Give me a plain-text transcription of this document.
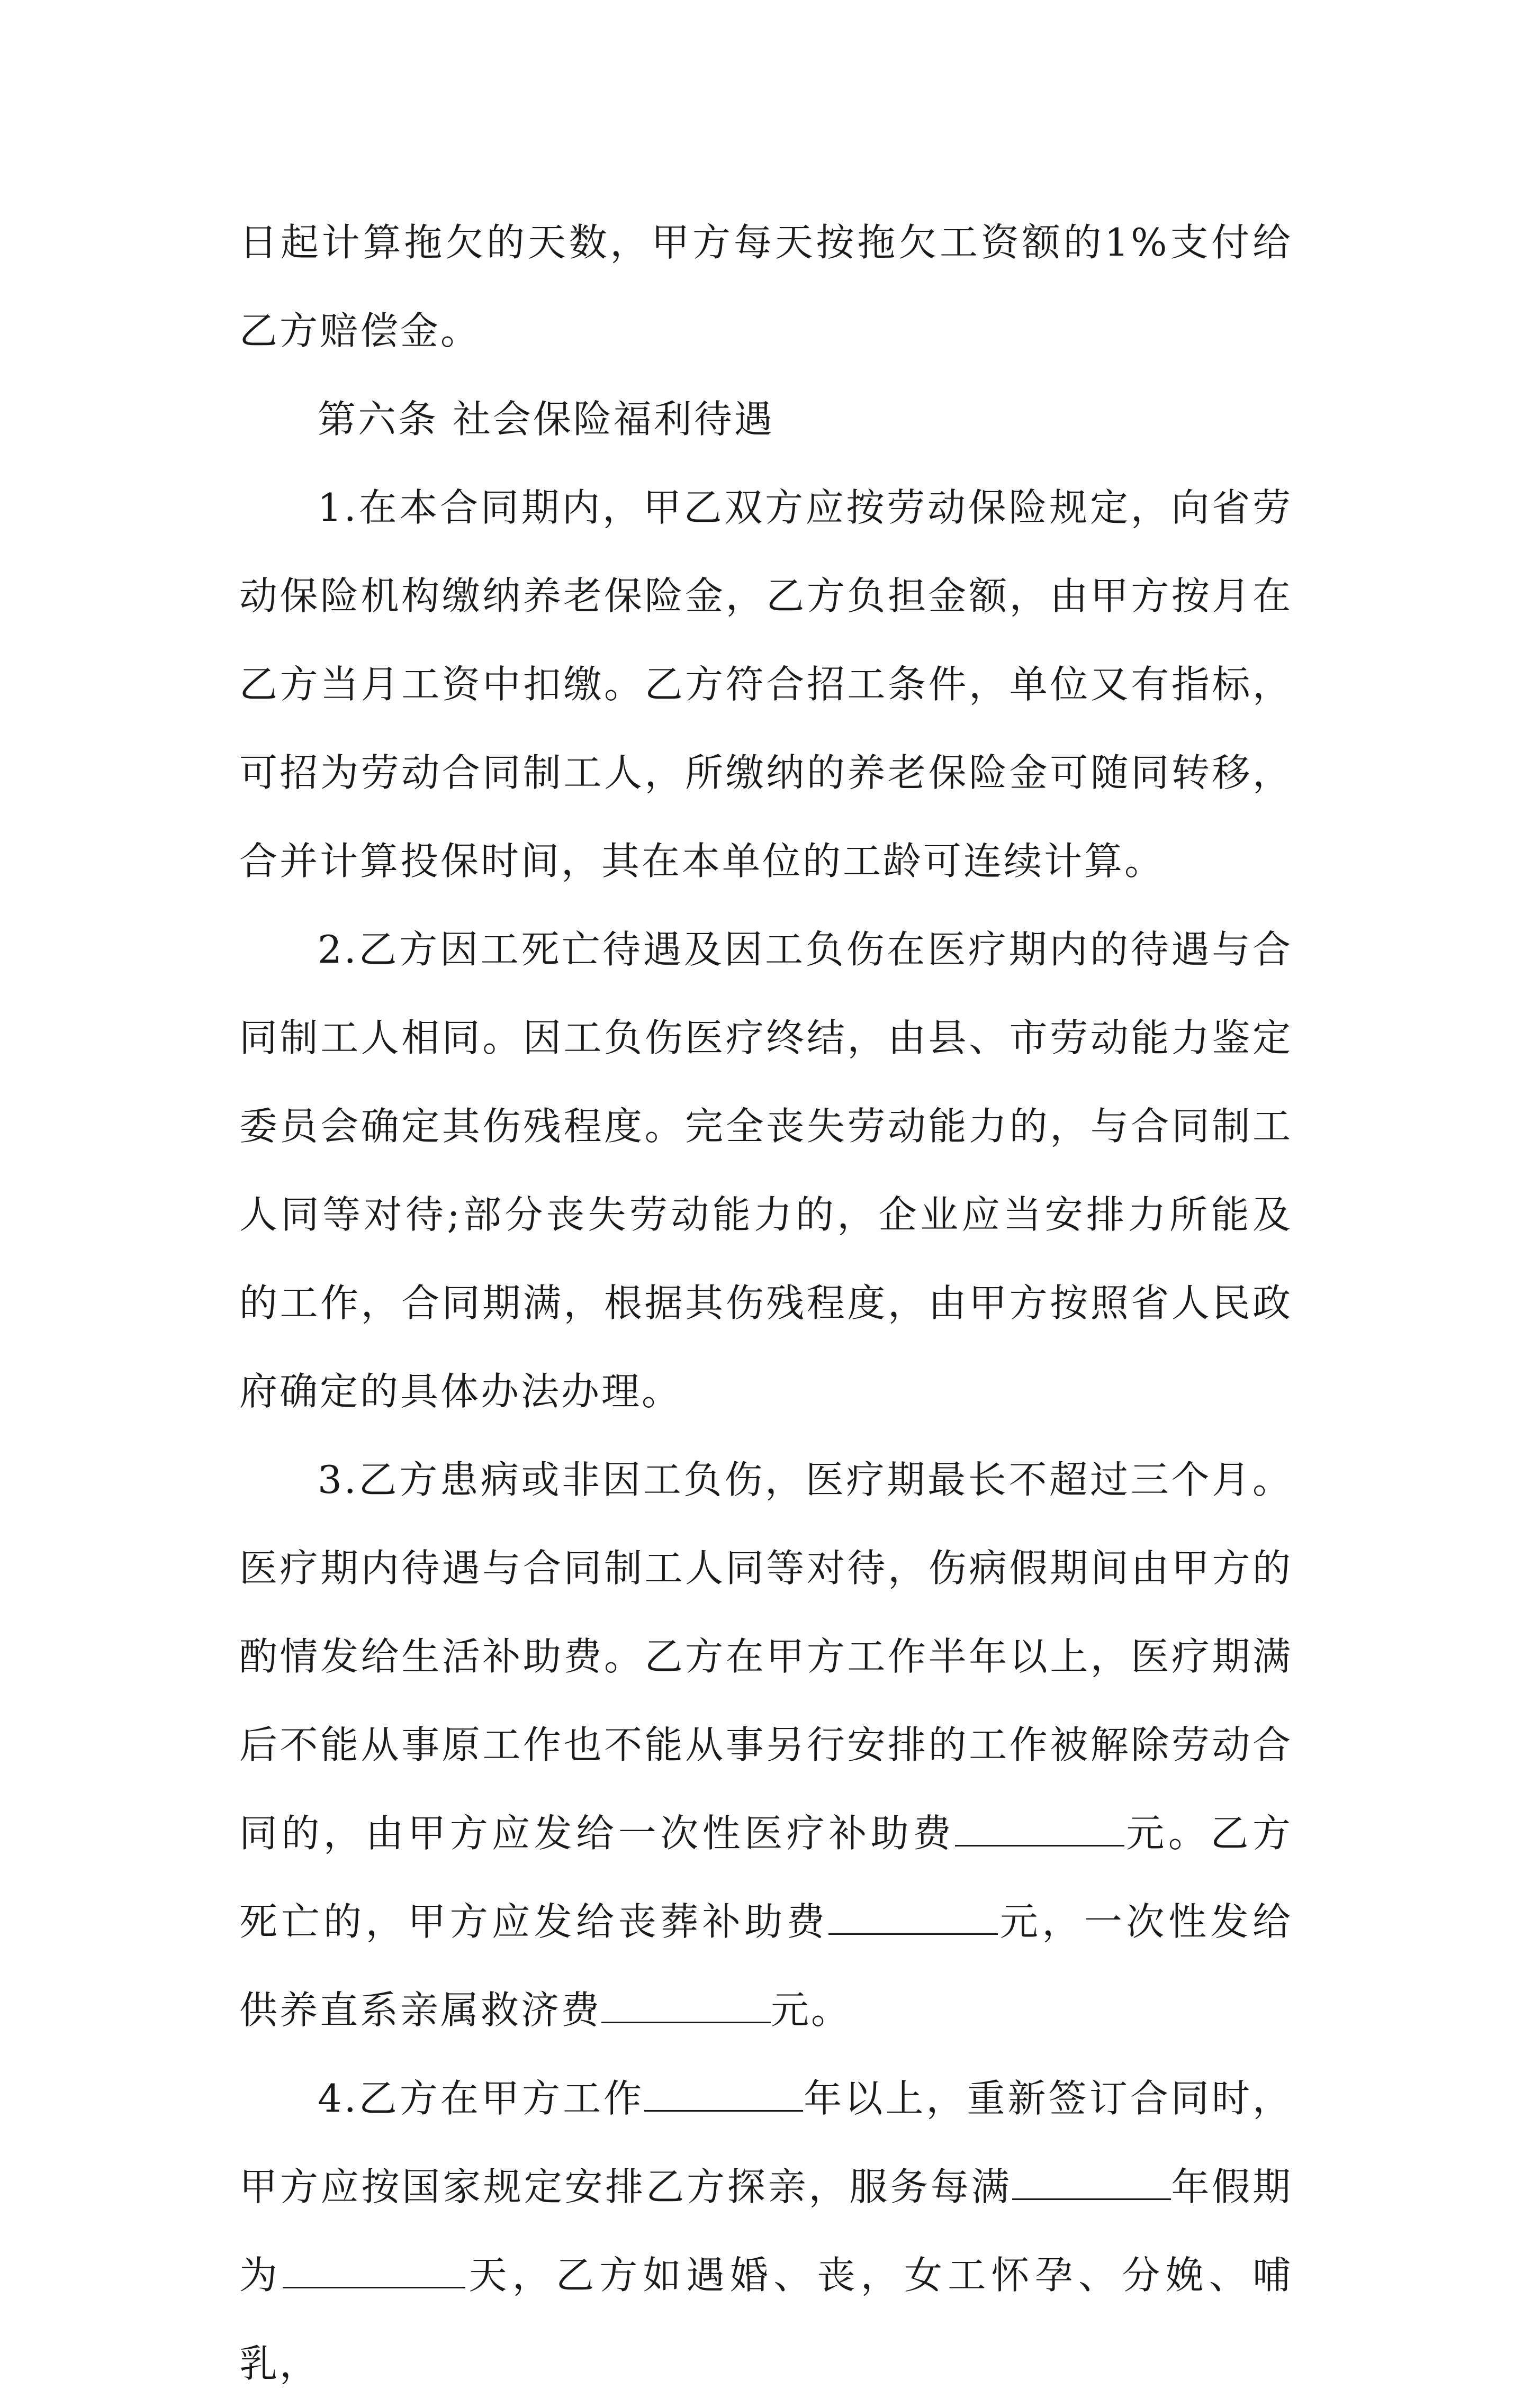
日起计算拖欠的天数，甲方每天按拖欠工资额的1%支付给乙方赔偿金。

第六条 社会保险福利待遇

1.在本合同期内，甲乙双方应按劳动保险规定，向省劳动保险机构缴纳养老保险金，乙方负担金额，由甲方按月在乙方当月工资中扣缴。乙方符合招工条件，单位又有指标，可招为劳动合同制工人，所缴纳的养老保险金可随同转移，合并计算投保时间，其在本单位的工龄可连续计算。

2.乙方因工死亡待遇及因工负伤在医疗期内的待遇与合同制工人相同。因工负伤医疗终结，由县、市劳动能力鉴定委员会确定其伤残程度。完全丧失劳动能力的，与合同制工人同等对待;部分丧失劳动能力的，企业应当安排力所能及的工作，合同期满，根据其伤残程度，由甲方按照省人民政府确定的具体办法办理。

3.乙方患病或非因工负伤，医疗期最长不超过三个月。医疗期内待遇与合同制工人同等对待，伤病假期间由甲方的酌情发给生活补助费。乙方在甲方工作半年以上，医疗期满后不能从事原工作也不能从事另行安排的工作被解除劳动合同的，由甲方应发给一次性医疗补助费	元。乙方死亡的，甲方应发给丧葬补助费	元，一次性发给供养直系亲属救济费	元。

4.乙方在甲方工作	年以上，重新签订合同时，甲方应按国家规定安排乙方探亲，服务每满	年假期为	天，乙方如遇婚、丧，女工怀孕、分娩、哺乳，
